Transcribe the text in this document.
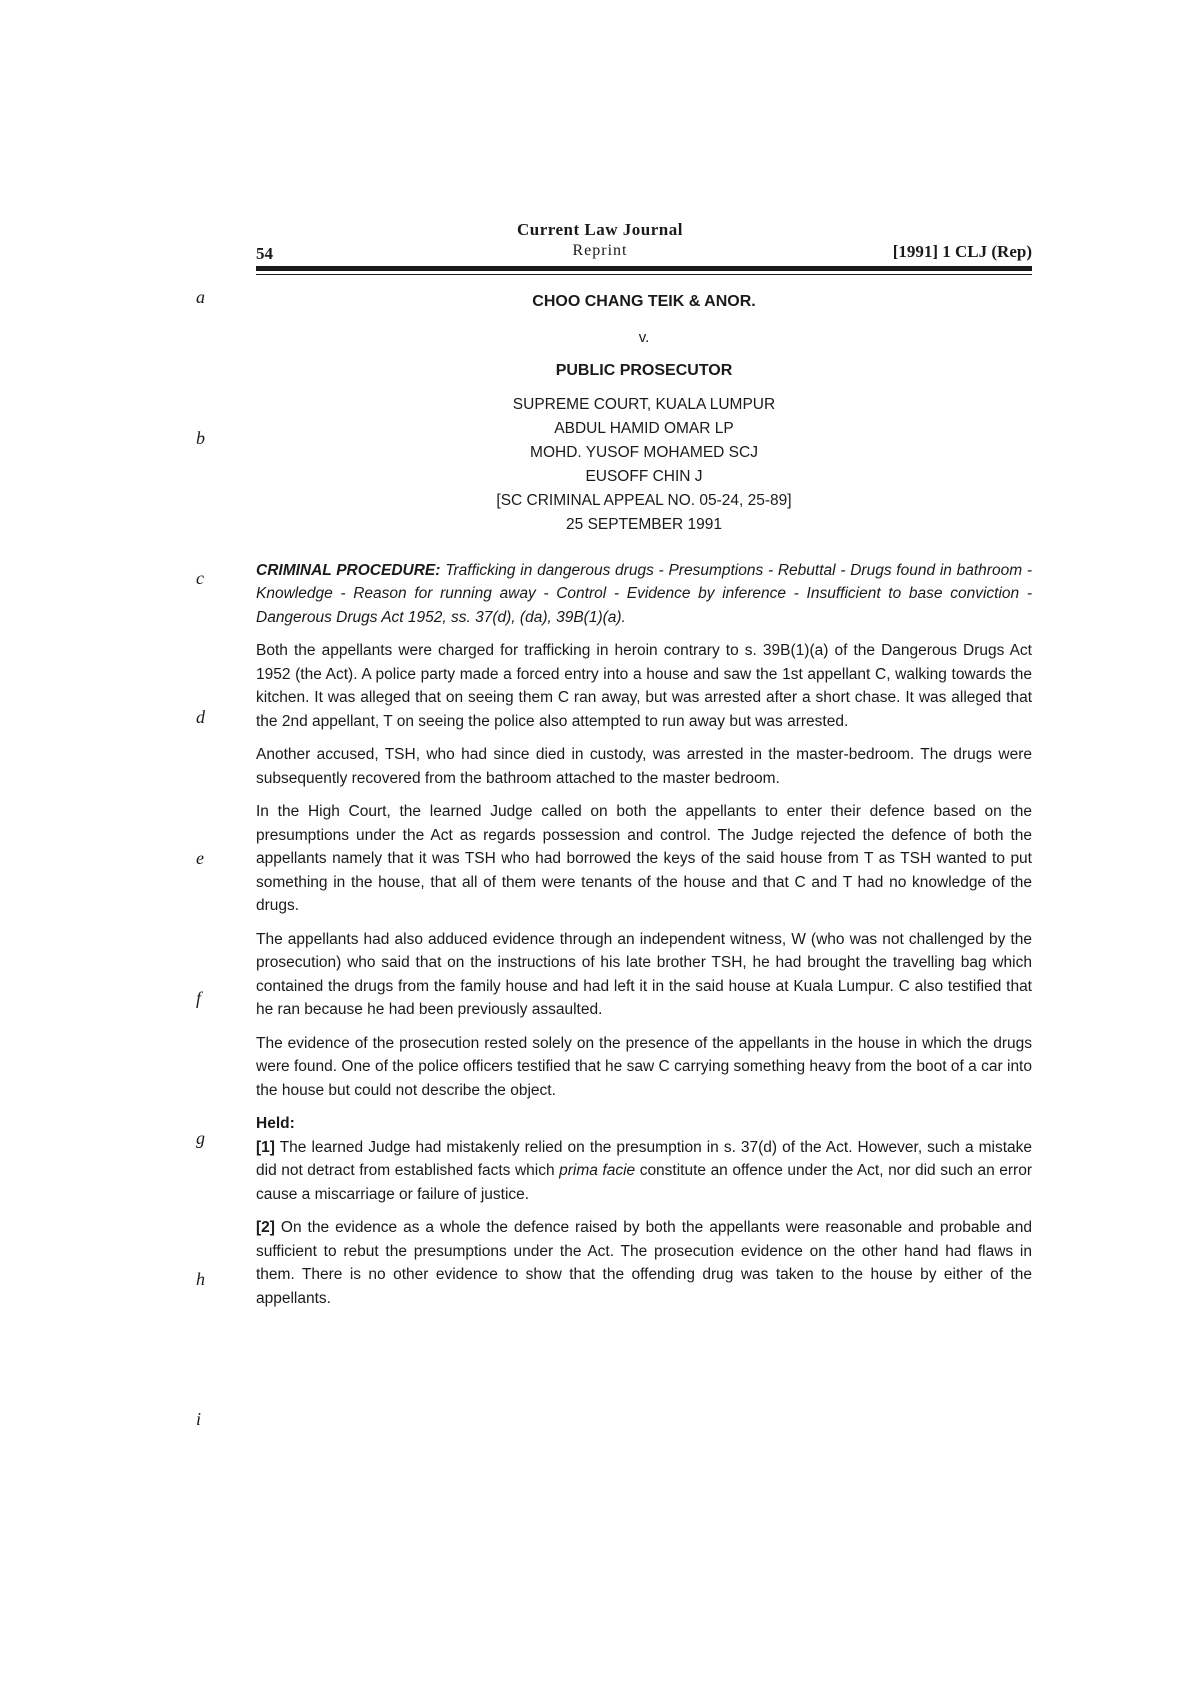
Current Law Journal
Reprint
54	[1991] 1 CLJ (Rep)
a
b
c
d
e
f
g
h
i
CHOO CHANG TEIK & ANOR.
v.
PUBLIC PROSECUTOR
SUPREME COURT, KUALA LUMPUR
ABDUL HAMID OMAR LP
MOHD. YUSOF MOHAMED SCJ
EUSOFF CHIN J
[SC CRIMINAL APPEAL NO. 05-24, 25-89]
25 SEPTEMBER 1991
CRIMINAL PROCEDURE: Trafficking in dangerous drugs - Presumptions - Rebuttal - Drugs found in bathroom - Knowledge - Reason for running away - Control - Evidence by inference - Insufficient to base conviction - Dangerous Drugs Act 1952, ss. 37(d), (da), 39B(1)(a).
Both the appellants were charged for trafficking in heroin contrary to s. 39B(1)(a) of the Dangerous Drugs Act 1952 (the Act). A police party made a forced entry into a house and saw the 1st appellant C, walking towards the kitchen. It was alleged that on seeing them C ran away, but was arrested after a short chase. It was alleged that the 2nd appellant, T on seeing the police also attempted to run away but was arrested.
Another accused, TSH, who had since died in custody, was arrested in the master-bedroom. The drugs were subsequently recovered from the bathroom attached to the master bedroom.
In the High Court, the learned Judge called on both the appellants to enter their defence based on the presumptions under the Act as regards possession and control. The Judge rejected the defence of both the appellants namely that it was TSH who had borrowed the keys of the said house from T as TSH wanted to put something in the house, that all of them were tenants of the house and that C and T had no knowledge of the drugs.
The appellants had also adduced evidence through an independent witness, W (who was not challenged by the prosecution) who said that on the instructions of his late brother TSH, he had brought the travelling bag which contained the drugs from the family house and had left it in the said house at Kuala Lumpur. C also testified that he ran because he had been previously assaulted.
The evidence of the prosecution rested solely on the presence of the appellants in the house in which the drugs were found. One of the police officers testified that he saw C carrying something heavy from the boot of a car into the house but could not describe the object.
Held:
[1] The learned Judge had mistakenly relied on the presumption in s. 37(d) of the Act. However, such a mistake did not detract from established facts which prima facie constitute an offence under the Act, nor did such an error cause a miscarriage or failure of justice.
[2] On the evidence as a whole the defence raised by both the appellants were reasonable and probable and sufficient to rebut the presumptions under the Act. The prosecution evidence on the other hand had flaws in them. There is no other evidence to show that the offending drug was taken to the house by either of the appellants.
